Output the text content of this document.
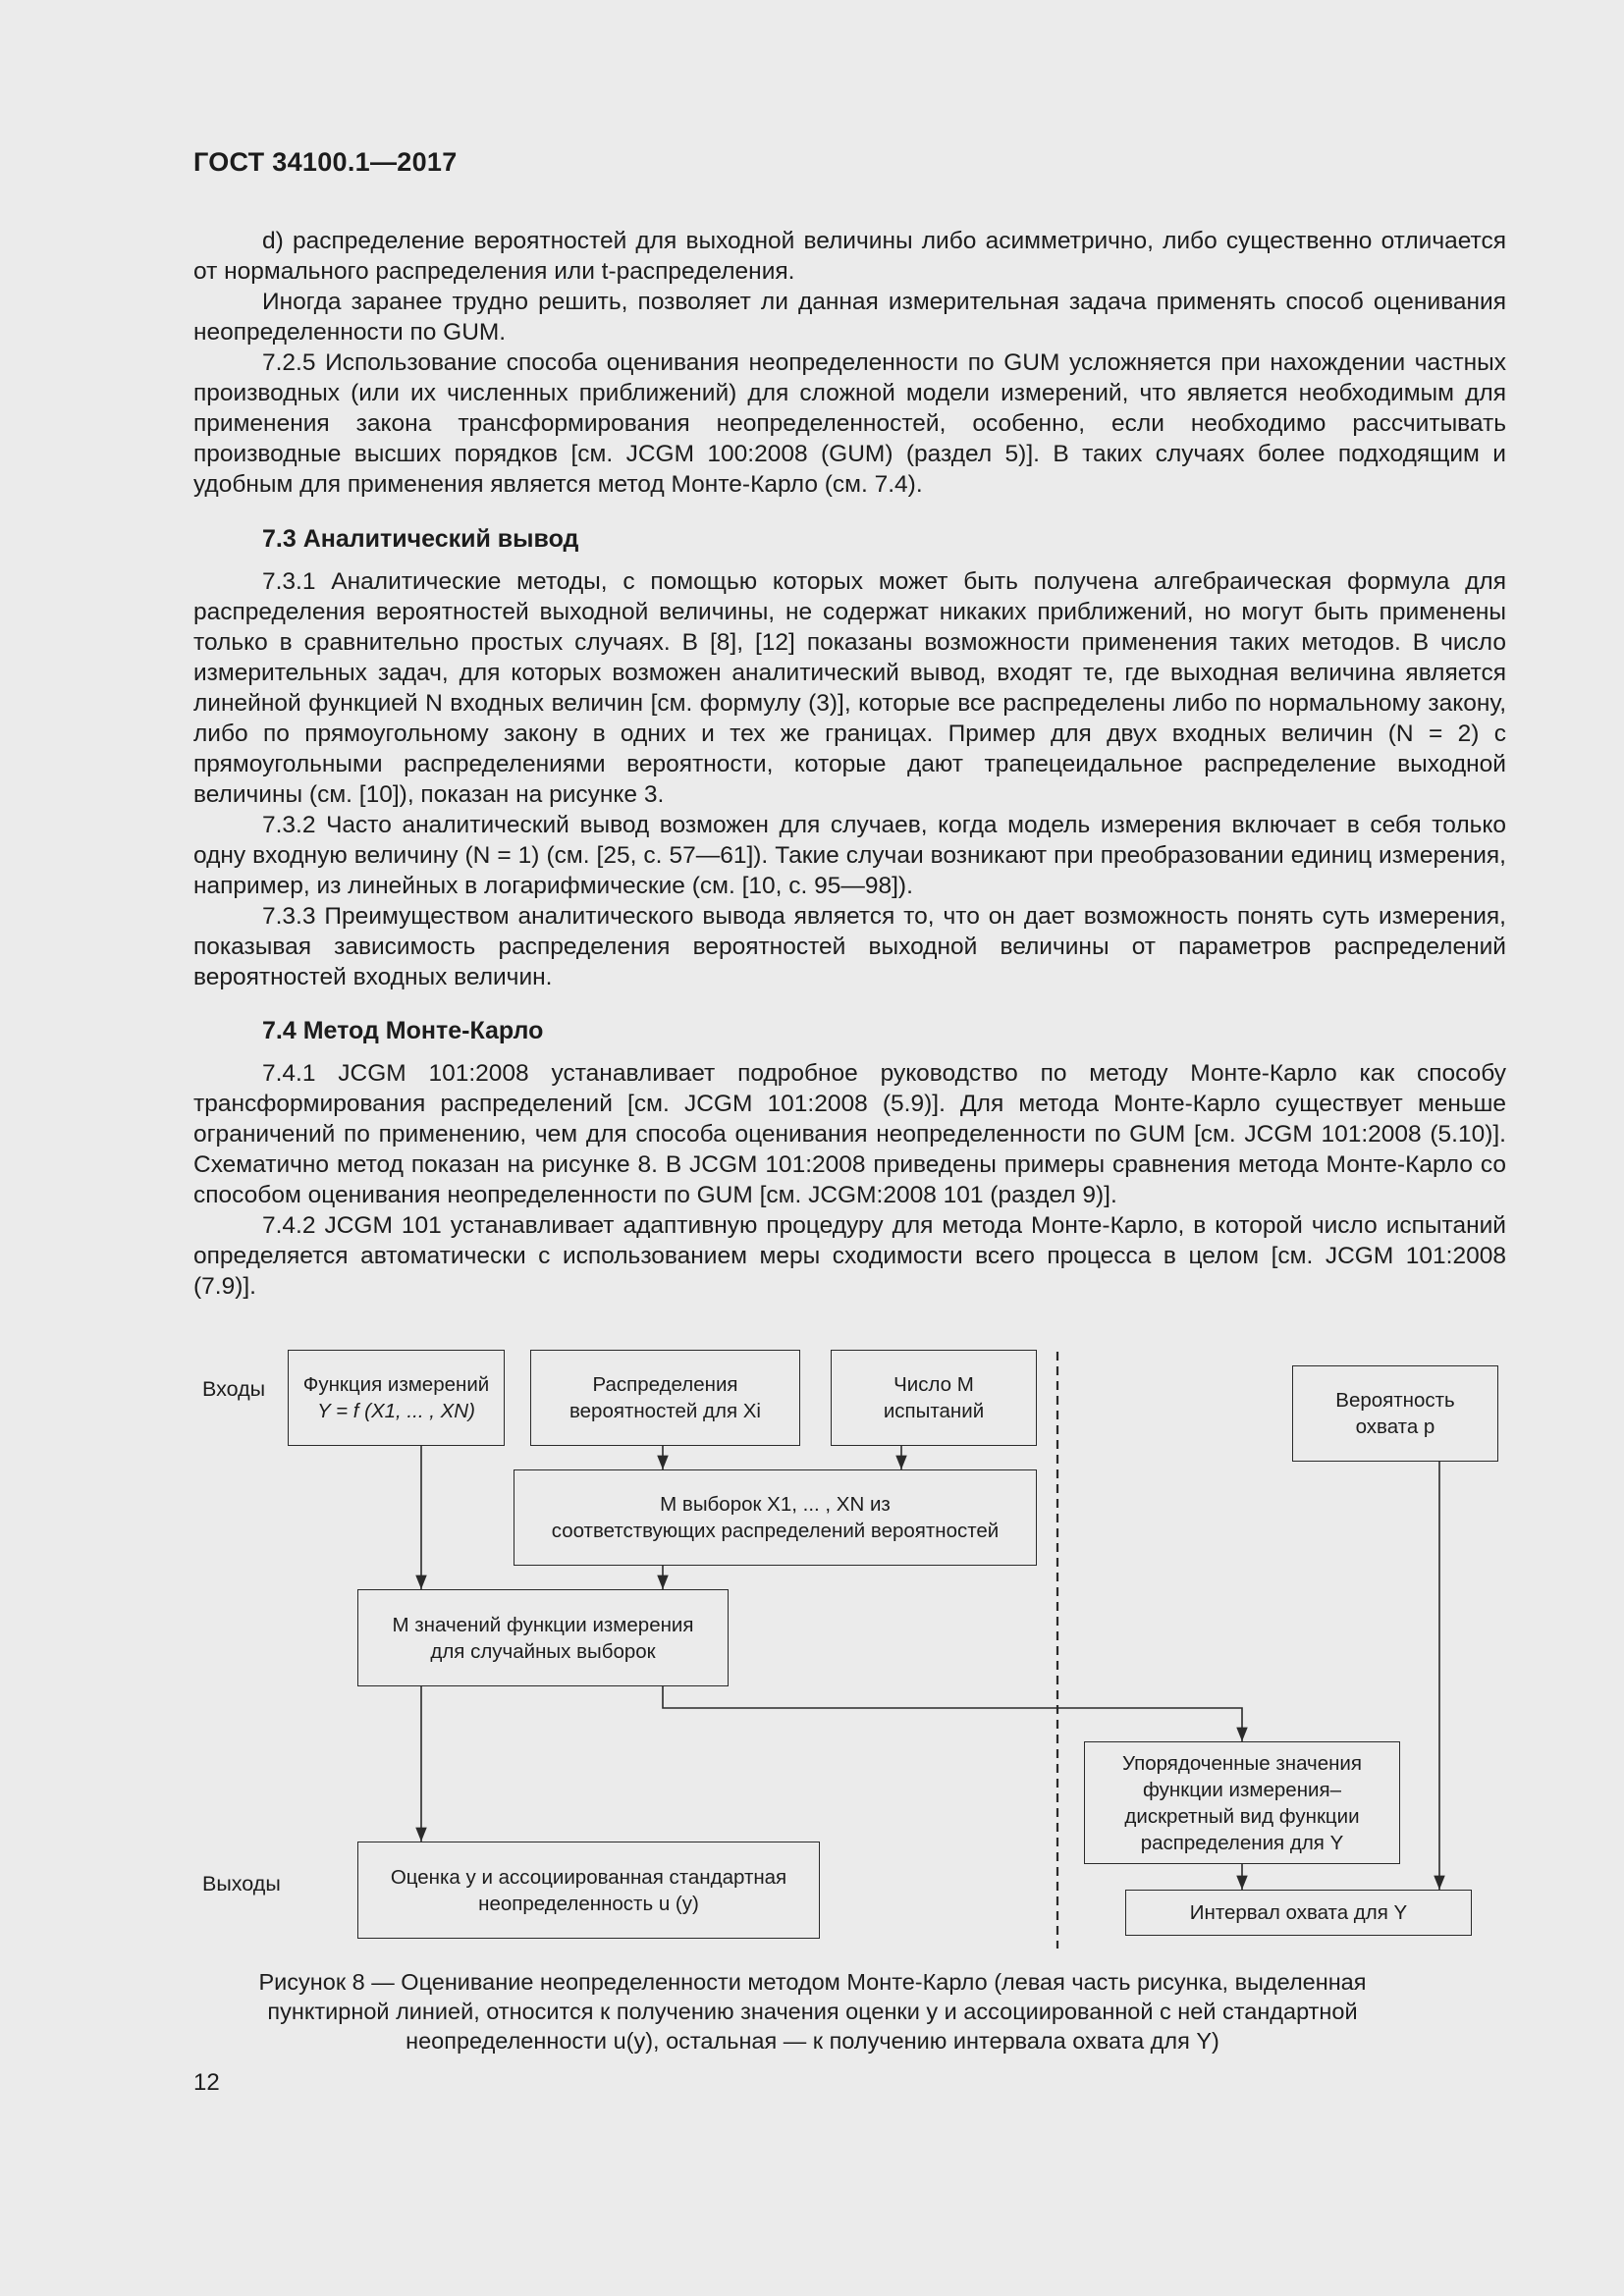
ГОСТ 34100.1—2017

d) распределение вероятностей для выходной величины либо асимметрично, либо существенно отличается от нормального распределения или t-распределения.

Иногда заранее трудно решить, позволяет ли данная измерительная задача применять способ оценивания неопределенности по GUM.

7.2.5 Использование способа оценивания неопределенности по GUM усложняется при нахождении частных производных (или их численных приближений) для сложной модели измерений, что является необходимым для применения закона трансформирования неопределенностей, особенно, если необходимо рассчитывать производные высших порядков [см. JCGM 100:2008 (GUM) (раздел 5)]. В таких случаях более подходящим и удобным для применения является метод Монте-Карло (см. 7.4).

7.3 Аналитический вывод

7.3.1 Аналитические методы, с помощью которых может быть получена алгебраическая формула для распределения вероятностей выходной величины, не содержат никаких приближений, но могут быть применены только в сравнительно простых случаях. В [8], [12] показаны возможности применения таких методов. В число измерительных задач, для которых возможен аналитический вывод, входят те, где выходная величина является линейной функцией N входных величин [см. формулу (3)], которые все распределены либо по нормальному закону, либо по прямоугольному закону в одних и тех же границах. Пример для двух входных величин (N = 2) с прямоугольными распределениями вероятности, которые дают трапецеидальное распределение выходной величины (см. [10]), показан на рисунке 3.

7.3.2 Часто аналитический вывод возможен для случаев, когда модель измерения включает в себя только одну входную величину (N = 1) (см. [25, с. 57—61]). Такие случаи возникают при преобразовании единиц измерения, например, из линейных в логарифмические (см. [10, с. 95—98]).

7.3.3 Преимуществом аналитического вывода является то, что он дает возможность понять суть измерения, показывая зависимость распределения вероятностей выходной величины от параметров распределений вероятностей входных величин.

7.4 Метод Монте-Карло

7.4.1 JCGM 101:2008 устанавливает подробное руководство по методу Монте-Карло как способу трансформирования распределений [см. JCGM 101:2008 (5.9)]. Для метода Монте-Карло существует меньше ограничений по применению, чем для способа оценивания неопределенности по GUM [см. JCGM 101:2008 (5.10)]. Схематично метод показан на рисунке 8. В JCGM 101:2008 приведены примеры сравнения метода Монте-Карло со способом оценивания неопределенности по GUM [см. JCGM:2008 101 (раздел 9)].

7.4.2 JCGM 101 устанавливает адаптивную процедуру для метода Монте-Карло, в которой число испытаний определяется автоматически с использованием меры сходимости всего процесса в целом [см. JCGM 101:2008 (7.9)].

Входы
Выходы
Функция измерений
Y = f (X1, ... , XN)
Распределения
вероятностей для Xi
Число M
испытаний	Вероятность
охвата p
M выборок X1, ... , XN из
соответствующих распределений вероятностей
M значений функции измерения
для случайных выборок
Упорядоченные значения
функции измерения–
дискретный вид функции
распределения для Y
Оценка y и ассоциированная стандартная
неопределенность u (y)	Интервал охвата для Y
Рисунок 8 — Оценивание неопределенности методом Монте-Карло (левая часть рисунка, выделенная
пунктирной линией, относится к получению значения оценки y и ассоциированной с ней стандартной
неопределенности u(y), остальная — к получению интервала охвата для Y)
12
